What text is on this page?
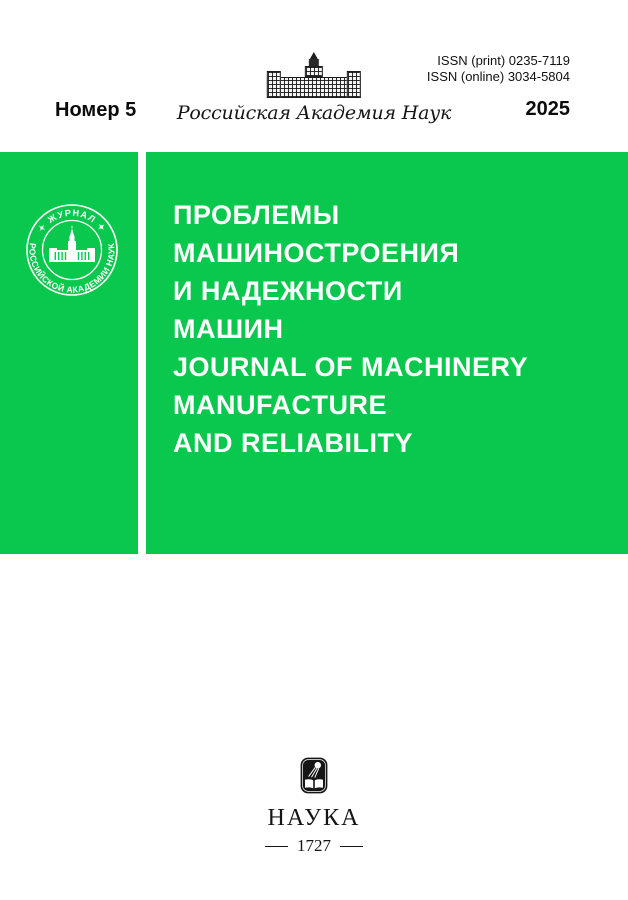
ISSN (print) 0235-7119
ISSN (online) 3034-5804
Российская Академия Наук
Номер 5	2025
✦ ЖУРНАЛ ✦
РОССИЙСКОЙ АКАДЕМИИ НАУК
ПРОБЛЕМЫ
МАШИНОСТРОЕНИЯ
И НАДЕЖНОСТИ
МАШИН
JOURNAL OF MACHINERY
MANUFACTURE
AND RELIABILITY
НАУКА
1727
